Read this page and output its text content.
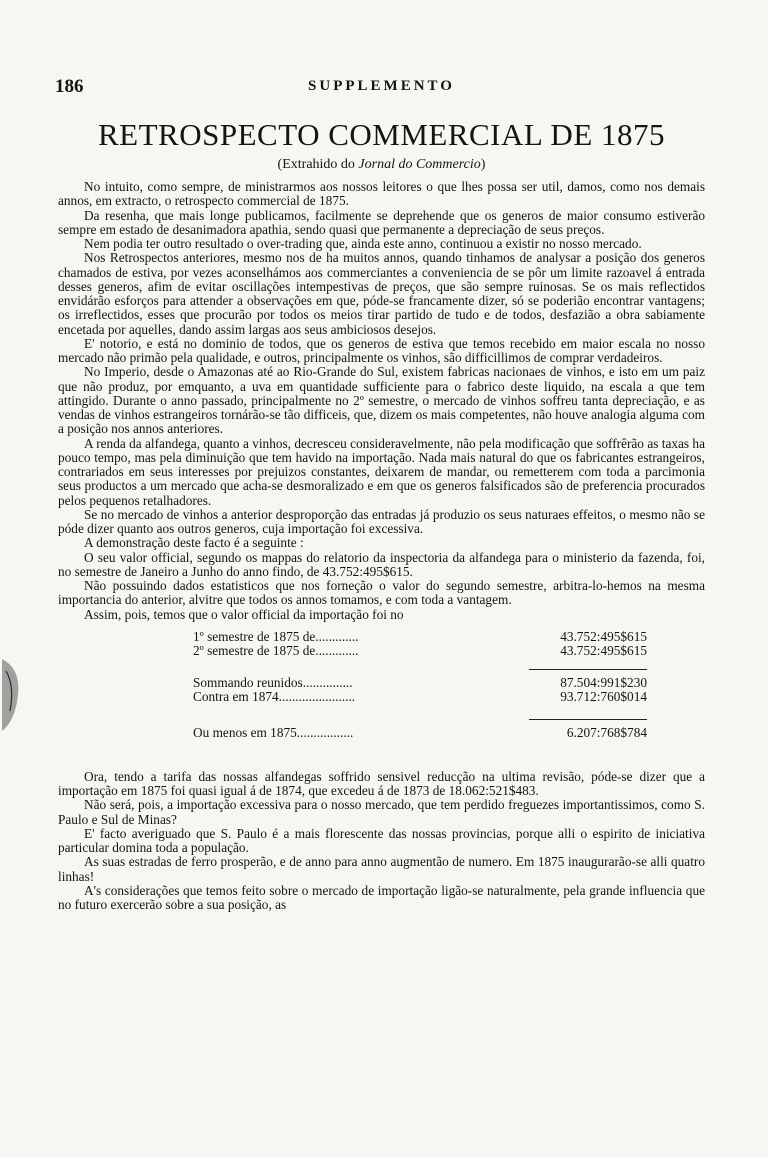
186	SUPPLEMENTO
RETROSPECTO COMMERCIAL DE 1875
(Extrahido do Jornal do Commercio)

No intuito, como sempre, de ministrarmos aos nossos leitores o que lhes possa ser util, damos, como nos demais annos, em extracto, o retrospecto commercial de 1875.

Da resenha, que mais longe publicamos, facilmente se deprehende que os generos de maior consumo estiverão sempre em estado de desanimadora apathia, sendo quasi que permanente a depreciação de seus preços.

Nem podia ter outro resultado o over-trading que, ainda este anno, continuou a existir no nosso mercado.

Nos Retrospectos anteriores, mesmo nos de ha muitos annos, quando tinhamos de analysar a posição dos generos chamados de estiva, por vezes aconselhámos aos commerciantes a conveniencia de se pôr um limite razoavel á entrada desses generos, afim de evitar oscillações intempestivas de preços, que são sempre ruinosas. Se os mais reflectidos envidárão esforços para attender a observações em que, póde-se francamente dizer, só se poderião encontrar vantagens; os irreflectidos, esses que procurão por todos os meios tirar partido de tudo e de todos, desfazião a obra sabiamente encetada por aquelles, dando assim largas aos seus ambiciosos desejos.

E' notorio, e está no dominio de todos, que os generos de estiva que temos recebido em maior escala no nosso mercado não primão pela qualidade, e outros, principalmente os vinhos, são difficillimos de comprar verdadeiros.

No Imperio, desde o Amazonas até ao Rio-Grande do Sul, existem fabricas nacionaes de vinhos, e isto em um paiz que não produz, por emquanto, a uva em quantidade sufficiente para o fabrico deste liquido, na escala a que tem attingido. Durante o anno passado, principalmente no 2º semestre, o mercado de vinhos soffreu tanta depreciação, e as vendas de vinhos estrangeiros tornárão-se tão difficeis, que, dizem os mais competentes, não houve analogia alguma com a posição nos annos anteriores.

A renda da alfandega, quanto a vinhos, decresceu consideravelmente, não pela modificação que soffrêrão as taxas ha pouco tempo, mas pela diminuição que tem havido na importação. Nada mais natural do que os fabricantes estrangeiros, contrariados em seus interesses por prejuizos constantes, deixarem de mandar, ou remetterem com toda a parcimonia seus productos a um mercado que acha-se desmoralizado e em que os generos falsificados são de preferencia procurados pelos pequenos retalhadores.

Se no mercado de vinhos a anterior desproporção das entradas já produzio os seus naturaes effeitos, o mesmo não se póde dizer quanto aos outros generos, cuja importação foi excessiva.

A demonstração deste facto é a seguinte :

O seu valor official, segundo os mappas do relatorio da inspectoria da alfandega para o ministerio da fazenda, foi, no semestre de Janeiro a Junho do anno findo, de 43.752:495$615.

Não possuindo dados estatisticos que nos forneção o valor do segundo semestre, arbitra-lo-hemos na mesma importancia do anterior, alvitre que todos os annos tomamos, e com toda a vantagem.

Assim, pois, temos que o valor official da importação foi no

1º semestre de 1875 de.............	43.752:495$615
2º semestre de 1875 de.............	43.752:495$615
Sommando reunidos...............	87.504:991$230
Contra em 1874.......................	93.712:760$014
Ou menos em 1875.................	6.207:768$784

Ora, tendo a tarifa das nossas alfandegas soffrido sensivel reducção na ultima revisão, póde-se dizer que a importação em 1875 foi quasi igual á de 1874, que excedeu á de 1873 de 18.062:521$483.

Não será, pois, a importação excessiva para o nosso mercado, que tem perdido freguezes importantissimos, como S. Paulo e Sul de Minas?

E' facto averiguado que S. Paulo é a mais florescente das nossas provincias, porque alli o espirito de iniciativa particular domina toda a população.

As suas estradas de ferro prosperão, e de anno para anno augmentão de numero. Em 1875 inaugurarão-se alli quatro linhas!

A's considerações que temos feito sobre o mercado de importação ligão-se naturalmente, pela grande influencia que no futuro exercerão sobre a sua posição, as
